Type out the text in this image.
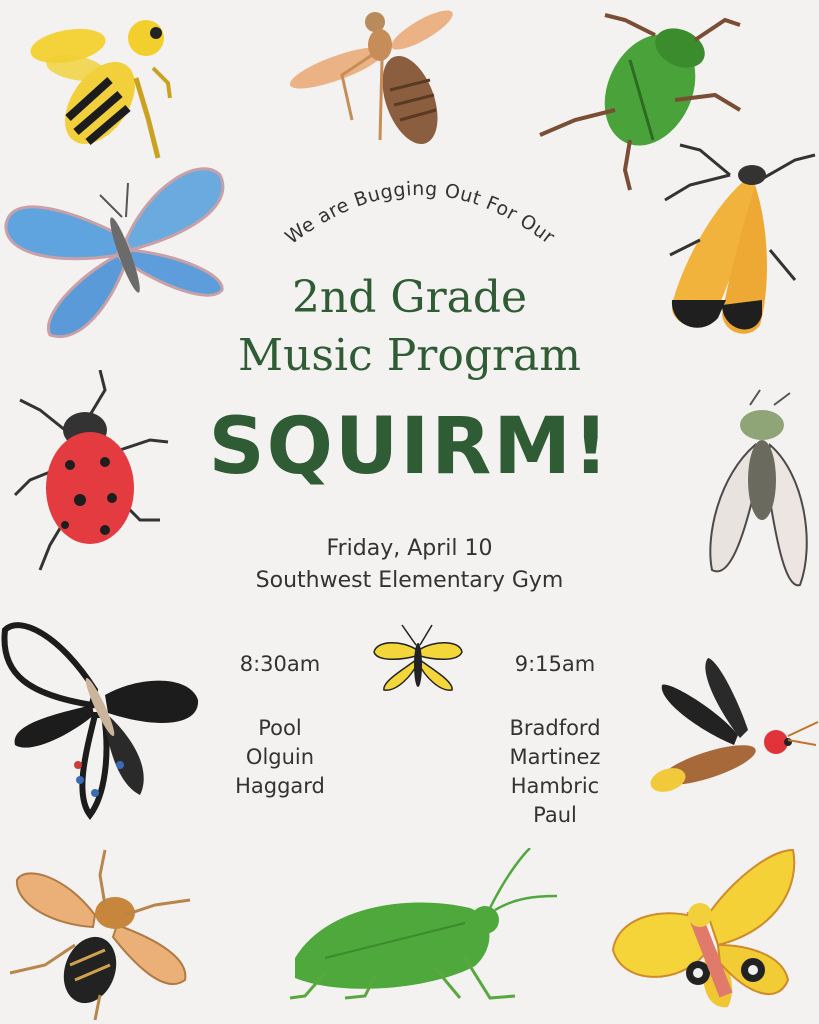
We are Bugging Out For Our
2nd Grade
Music Program
SQUIRM!
Friday, April 10
Southwest Elementary Gym
8:30am
Pool
Olguin
Haggard
9:15am
Bradford
Martinez
Hambric
Paul
